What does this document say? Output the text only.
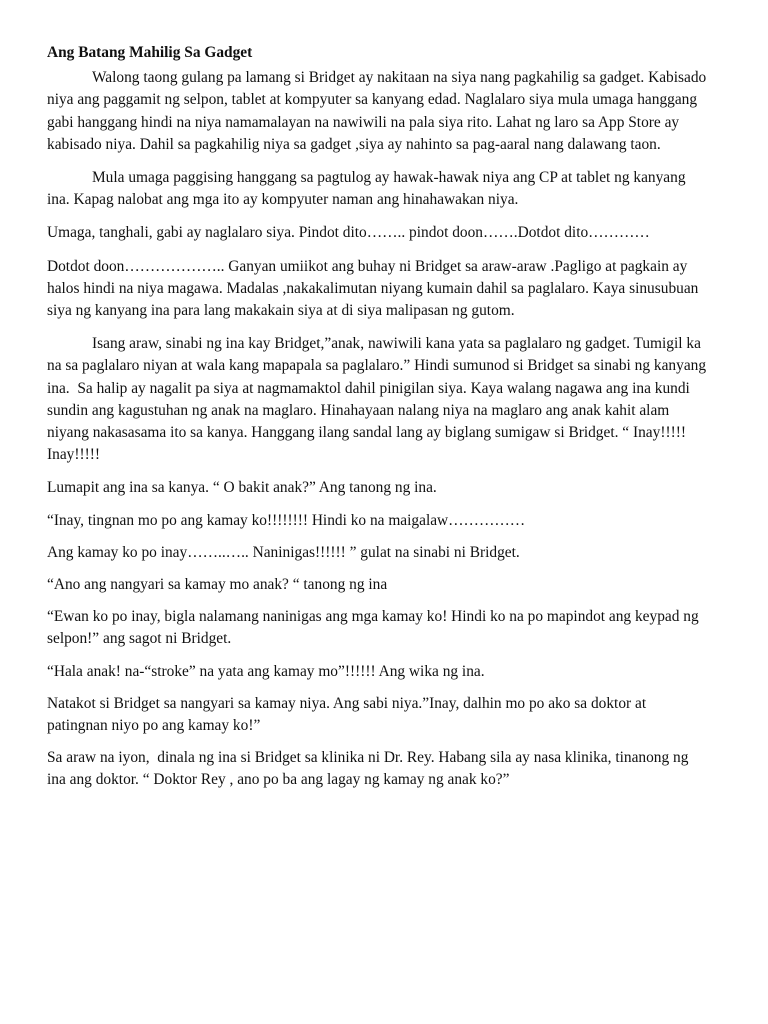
Ang Batang Mahilig Sa Gadget

Walong taong gulang pa lamang si Bridget ay nakitaan na siya nang pagkahilig sa gadget. Kabisado niya ang paggamit ng selpon, tablet at kompyuter sa kanyang edad. Naglalaro siya mula umaga hanggang gabi hanggang hindi na niya namamalayan na nawiwili na pala siya rito. Lahat ng laro sa App Store ay kabisado niya. Dahil sa pagkahilig niya sa gadget ,siya ay nahinto sa pag-aaral nang dalawang taon.

Mula umaga paggising hanggang sa pagtulog ay hawak-hawak niya ang CP at tablet ng kanyang ina. Kapag nalobat ang mga ito ay kompyuter naman ang hinahawakan niya.

Umaga, tanghali, gabi ay naglalaro siya. Pindot dito…….. pindot doon…….Dotdot dito…………

Dotdot doon……………….. Ganyan umiikot ang buhay ni Bridget sa araw-araw .Pagligo at pagkain ay halos hindi na niya magawa. Madalas ,nakakalimutan niyang kumain dahil sa paglalaro. Kaya sinusubuan siya ng kanyang ina para lang makakain siya at di siya malipasan ng gutom.

Isang araw, sinabi ng ina kay Bridget,”anak, nawiwili kana yata sa paglalaro ng gadget. Tumigil ka na sa paglalaro niyan at wala kang mapapala sa paglalaro.” Hindi sumunod si Bridget sa sinabi ng kanyang ina.  Sa halip ay nagalit pa siya at nagmamaktol dahil pinigilan siya. Kaya walang nagawa ang ina kundi sundin ang kagustuhan ng anak na maglaro. Hinahayaan nalang niya na maglaro ang anak kahit alam niyang nakasasama ito sa kanya. Hanggang ilang sandal lang ay biglang sumigaw si Bridget. “ Inay!!!!! Inay!!!!!

Lumapit ang ina sa kanya. “ O bakit anak?” Ang tanong ng ina.

“Inay, tingnan mo po ang kamay ko!!!!!!!! Hindi ko na maigalaw……………

Ang kamay ko po inay……..….. Naninigas!!!!!! ” gulat na sinabi ni Bridget.

“Ano ang nangyari sa kamay mo anak? “ tanong ng ina

“Ewan ko po inay, bigla nalamang naninigas ang mga kamay ko! Hindi ko na po mapindot ang keypad ng selpon!” ang sagot ni Bridget.

“Hala anak! na-“stroke” na yata ang kamay mo”!!!!!! Ang wika ng ina.

Natakot si Bridget sa nangyari sa kamay niya. Ang sabi niya.”Inay, dalhin mo po ako sa doktor at patingnan niyo po ang kamay ko!”

Sa araw na iyon,  dinala ng ina si Bridget sa klinika ni Dr. Rey. Habang sila ay nasa klinika, tinanong ng ina ang doktor. “ Doktor Rey , ano po ba ang lagay ng kamay ng anak ko?”
